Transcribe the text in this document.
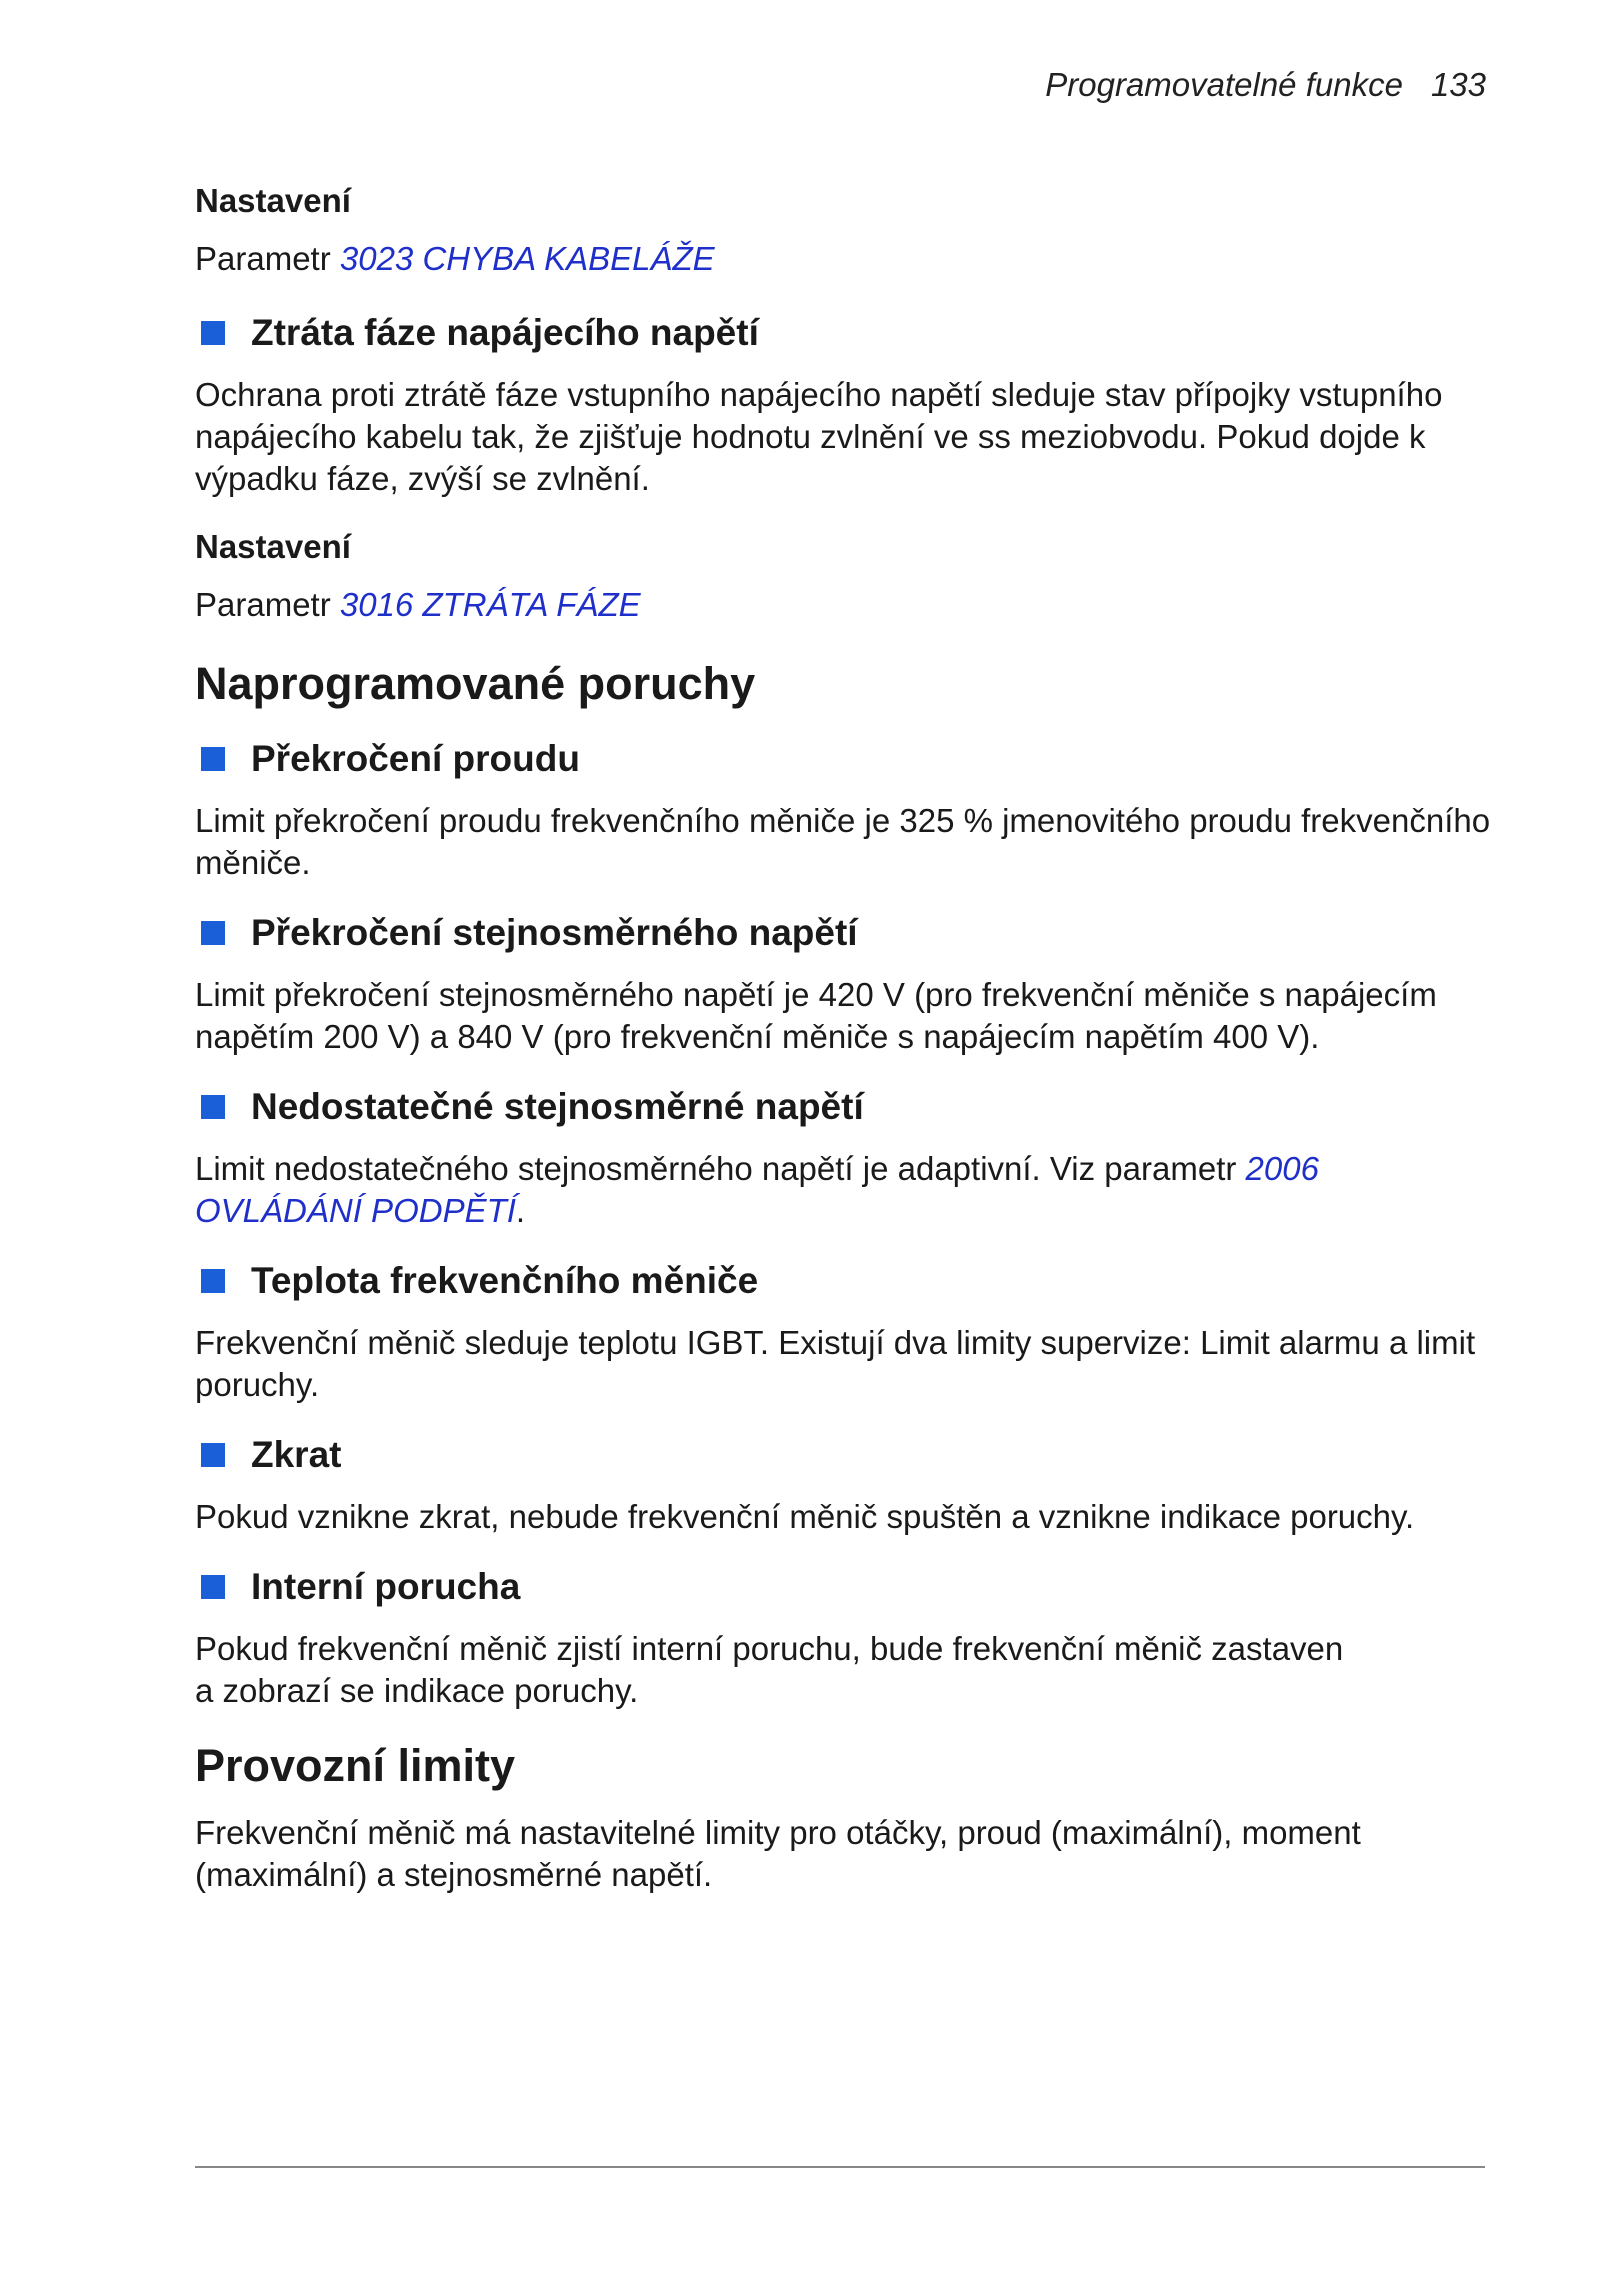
Programovatelné funkce 133

Nastavení

Parametr 3023 CHYBA KABELÁŽE

Ztráta fáze napájecího napětí

Ochrana proti ztrátě fáze vstupního napájecího napětí sleduje stav přípojky vstupního

napájecího kabelu tak, že zjišťuje hodnotu zvlnění ve ss meziobvodu. Pokud dojde k

výpadku fáze, zvýší se zvlnění.

Nastavení

Parametr 3016 ZTRÁTA FÁZE

Naprogramované poruchy
Překročení proudu

Limit překročení proudu frekvenčního měniče je 325 % jmenovitého proudu frekvenčního

měniče.

Překročení stejnosměrného napětí

Limit překročení stejnosměrného napětí je 420 V (pro frekvenční měniče s napájecím

napětím 200 V) a 840 V (pro frekvenční měniče s napájecím napětím 400 V).

Nedostatečné stejnosměrné napětí

Limit nedostatečného stejnosměrného napětí je adaptivní. Viz parametr 2006

OVLÁDÁNÍ PODPĚTÍ.

Teplota frekvenčního měniče

Frekvenční měnič sleduje teplotu IGBT. Existují dva limity supervize: Limit alarmu a limit

poruchy.

Zkrat

Pokud vznikne zkrat, nebude frekvenční měnič spuštěn a vznikne indikace poruchy.

Interní porucha

Pokud frekvenční měnič zjistí interní poruchu, bude frekvenční měnič zastaven

a zobrazí se indikace poruchy.

Provozní limity

Frekvenční měnič má nastavitelné limity pro otáčky, proud (maximální), moment

(maximální) a stejnosměrné napětí.
